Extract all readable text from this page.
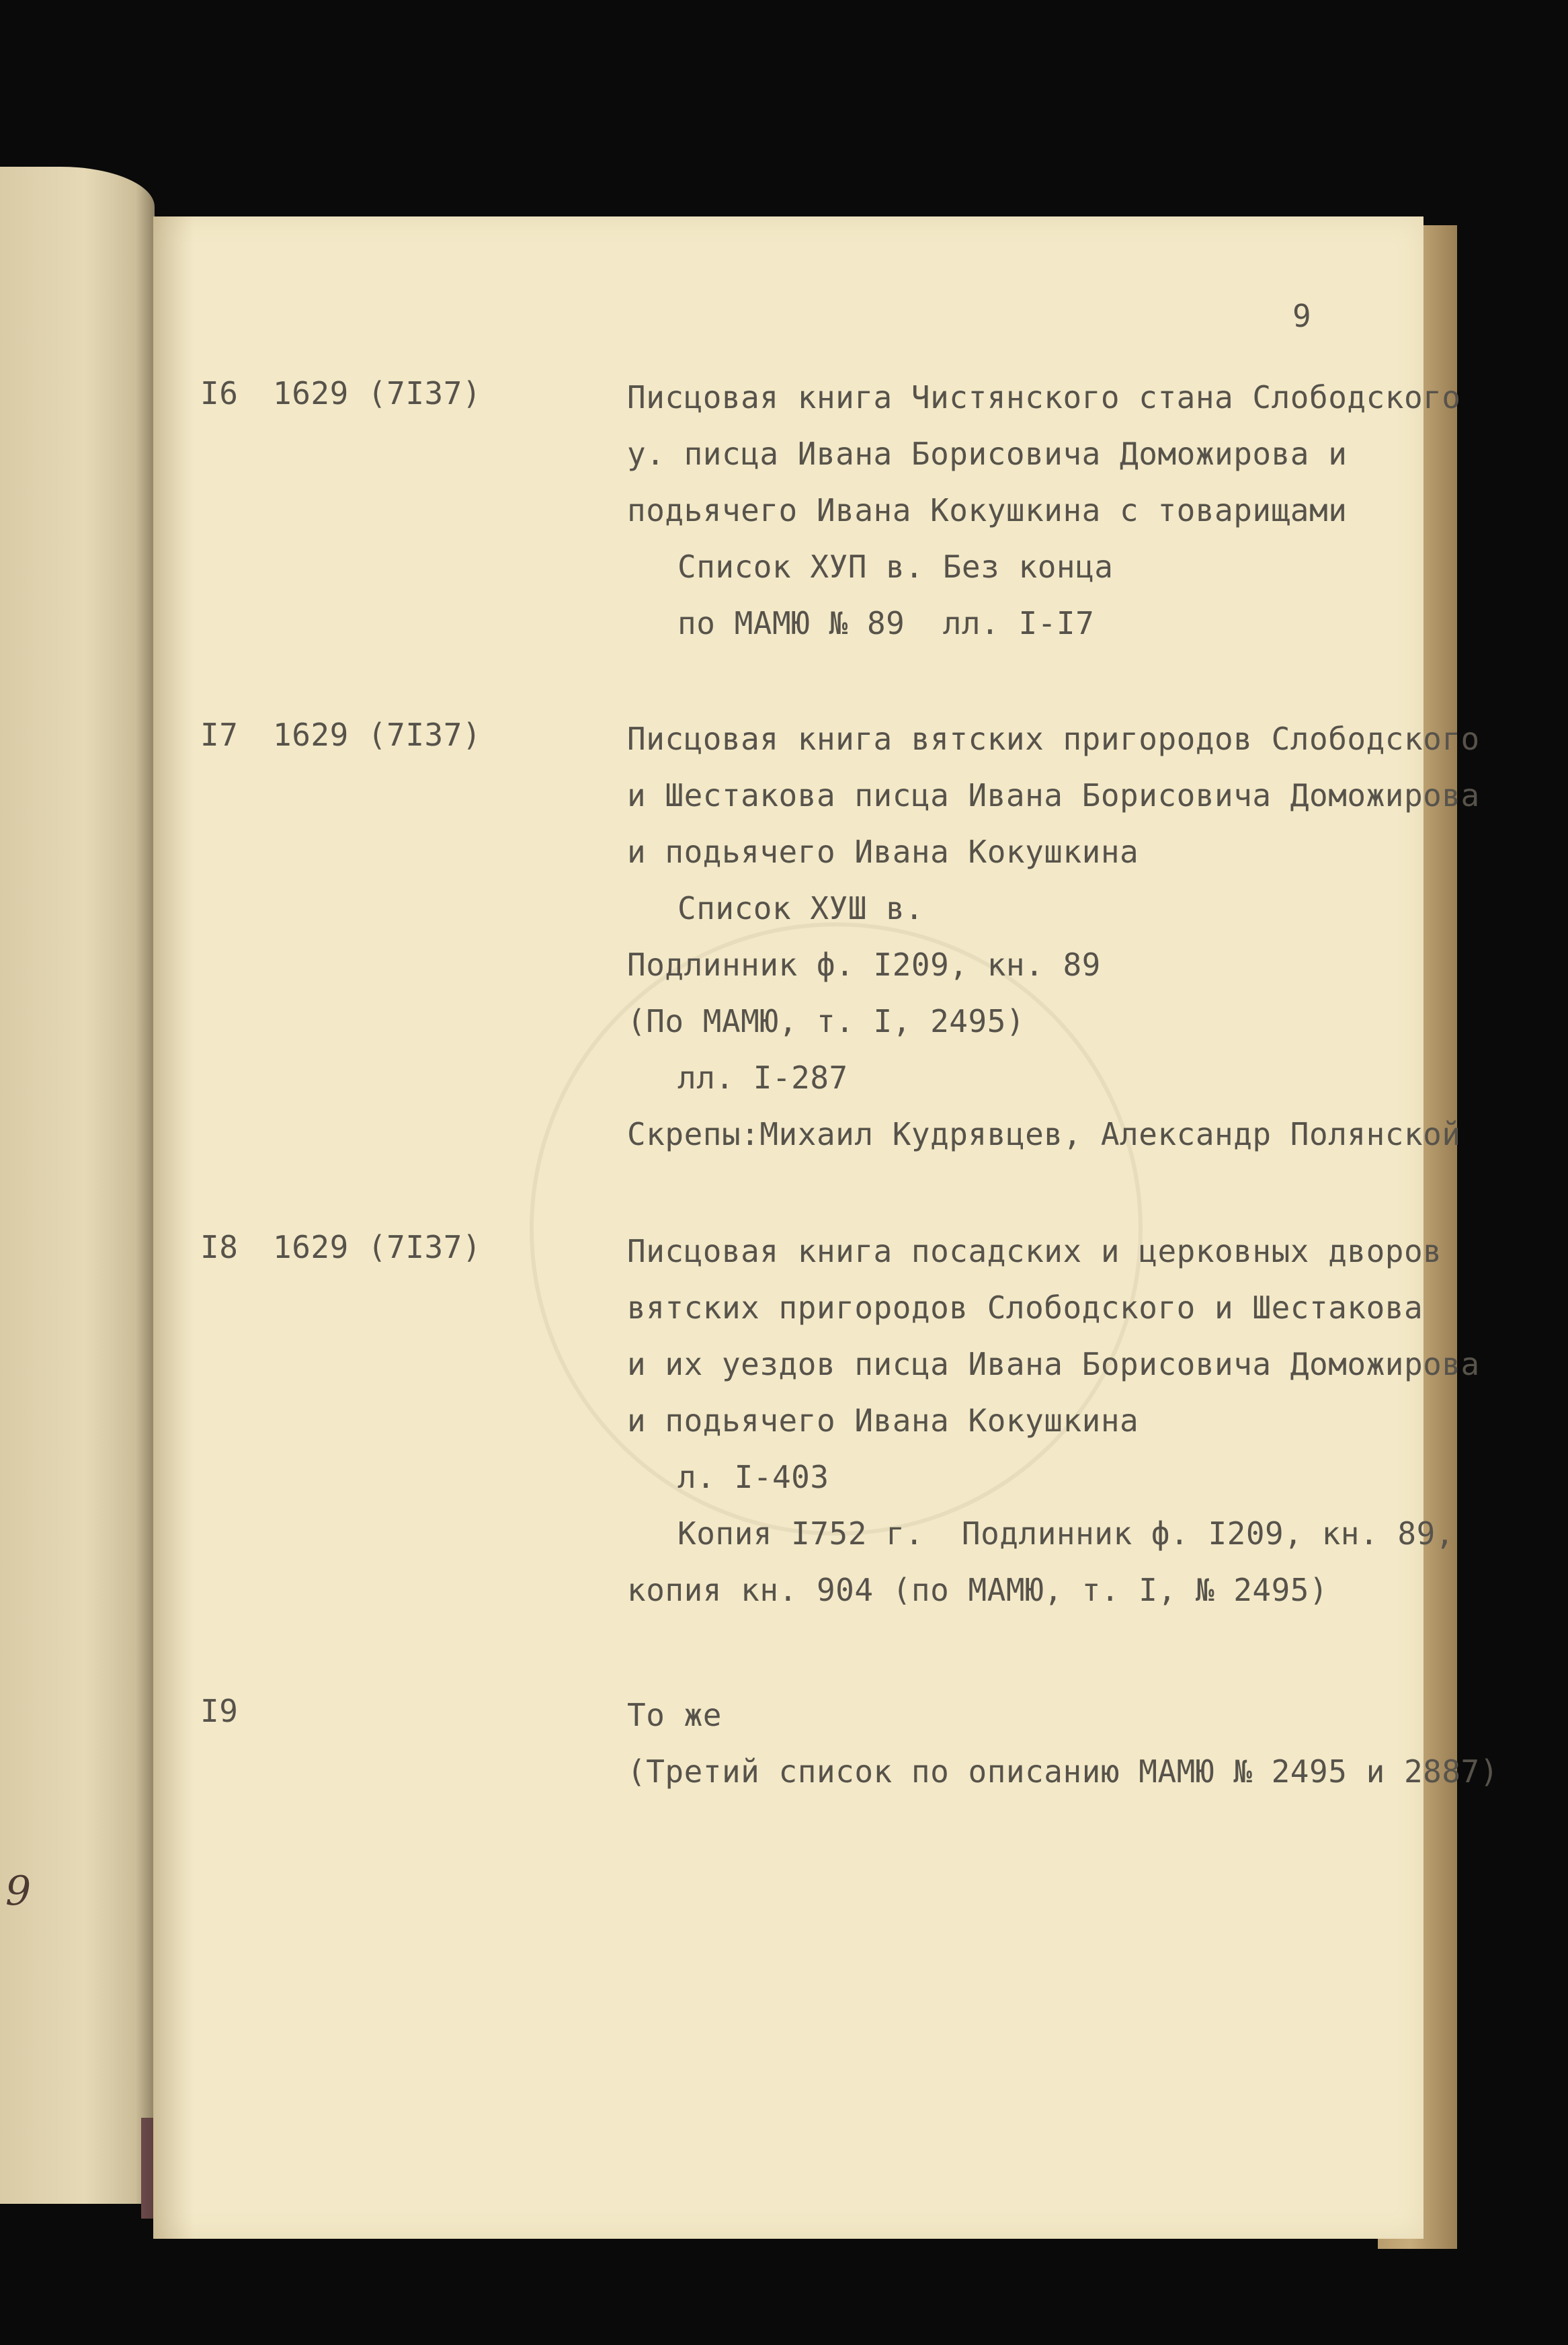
9
9
I6 1629 (7I37)	Писцовая книга Чистянского стана Слободского
у. писца Ивана Борисовича Доможирова и
подьячего Ивана Кокушкина с товарищами
Список ХУП в. Без конца
по МАМЮ № 89  лл. I-I7
I7 1629 (7I37)	Писцовая книга вятских пригородов Слободского
и Шестакова писца Ивана Борисовича Доможирова
и подьячего Ивана Кокушкина
Список ХУШ в.
Подлинник ф. I209, кн. 89
(По МАМЮ, т. I, 2495)
лл. I-287
Скрепы:Михаил Кудрявцев, Александр Полянской
I8 1629 (7I37)	Писцовая книга посадских и церковных дворов
вятских пригородов Слободского и Шестакова
и их уездов писца Ивана Борисовича Доможирова
и подьячего Ивана Кокушкина
л. I-403
Копия I752 г.  Подлинник ф. I209, кн. 89,
копия кн. 904 (по МАМЮ, т. I, № 2495)
I9	То же
(Третий список по описанию МАМЮ № 2495 и 2887)
